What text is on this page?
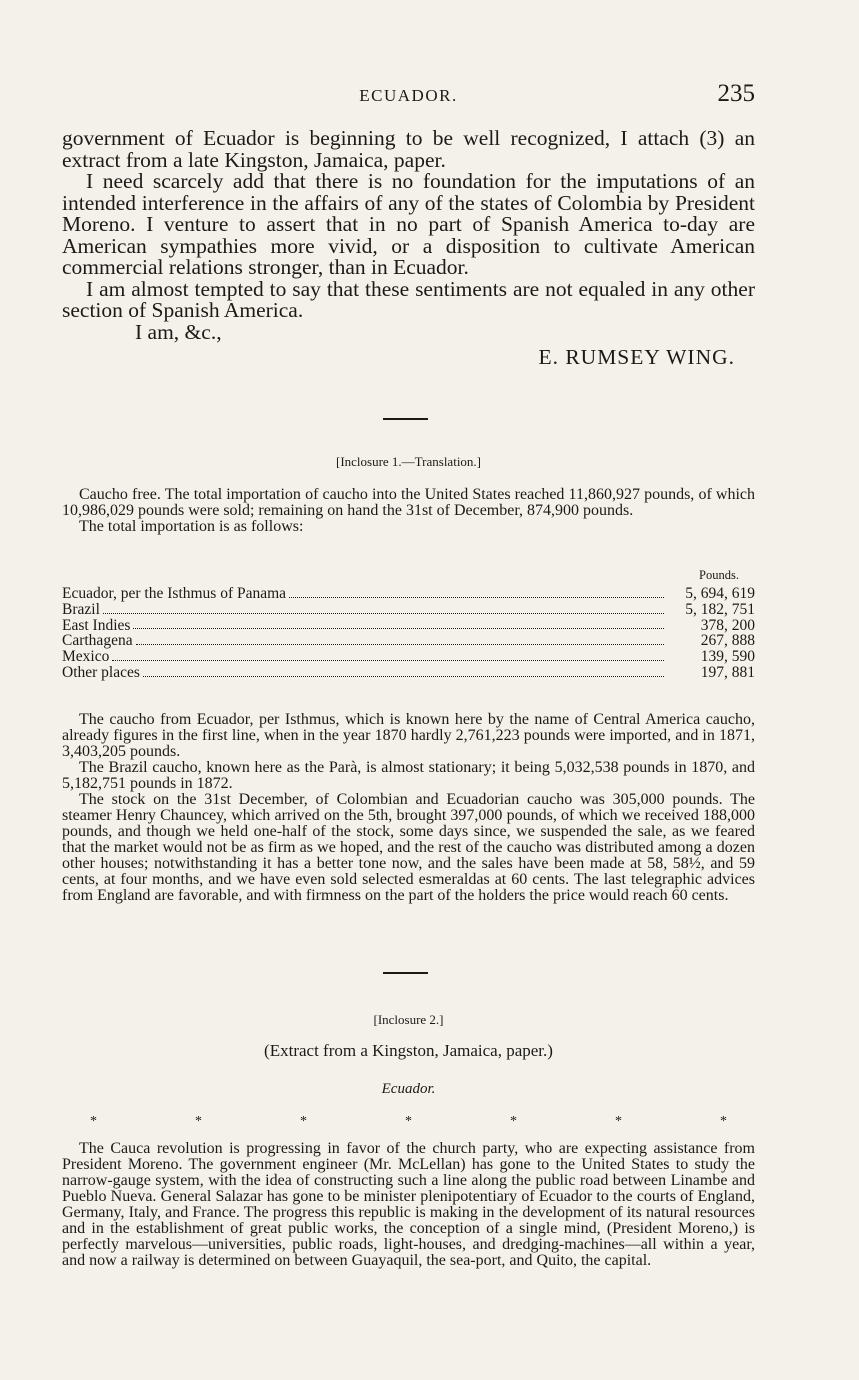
ECUADOR.	235

government of Ecuador is beginning to be well recognized, I attach (3) an extract from a late Kingston, Jamaica, paper.

I need scarcely add that there is no foundation for the imputations of an intended interference in the affairs of any of the states of Colombia by President Moreno. I venture to assert that in no part of Spanish America to-day are American sympathies more vivid, or a disposition to cultivate American commercial relations stronger, than in Ecuador.

I am almost tempted to say that these sentiments are not equaled in any other section of Spanish America.

I am, &c.,

E. RUMSEY WING.

[Inclosure 1.—Translation.]

Caucho free. The total importation of caucho into the United States reached 11,860,927 pounds, of which 10,986,029 pounds were sold; remaining on hand the 31st of December, 874,900 pounds.

The total importation is as follows:

Pounds.
Ecuador, per the Isthmus of Panama	5, 694, 619
Brazil	5, 182, 751
East Indies	378, 200
Carthagena	267, 888
Mexico	139, 590
Other places	197, 881

The caucho from Ecuador, per Isthmus, which is known here by the name of Central America caucho, already figures in the first line, when in the year 1870 hardly 2,761,223 pounds were imported, and in 1871, 3,403,205 pounds.

The Brazil caucho, known here as the Parà, is almost stationary; it being 5,032,538 pounds in 1870, and 5,182,751 pounds in 1872.

The stock on the 31st December, of Colombian and Ecuadorian caucho was 305,000 pounds. The steamer Henry Chauncey, which arrived on the 5th, brought 397,000 pounds, of which we received 188,000 pounds, and though we held one-half of the stock, some days since, we suspended the sale, as we feared that the market would not be as firm as we hoped, and the rest of the caucho was distributed among a dozen other houses; notwithstanding it has a better tone now, and the sales have been made at 58, 58½, and 59 cents, at four months, and we have even sold selected esmeraldas at 60 cents. The last telegraphic advices from England are favorable, and with firmness on the part of the holders the price would reach 60 cents.

[Inclosure 2.]
(Extract from a Kingston, Jamaica, paper.)
Ecuador.
*	*	*	*	*	*	*

The Cauca revolution is progressing in favor of the church party, who are expecting assistance from President Moreno. The government engineer (Mr. McLellan) has gone to the United States to study the narrow-gauge system, with the idea of constructing such a line along the public road between Linambe and Pueblo Nueva. General Salazar has gone to be minister plenipotentiary of Ecuador to the courts of England, Germany, Italy, and France. The progress this republic is making in the development of its natural resources and in the establishment of great public works, the conception of a single mind, (President Moreno,) is perfectly marvelous—universities, public roads, light-houses, and dredging-machines—all within a year, and now a railway is determined on between Guayaquil, the sea-port, and Quito, the capital.
